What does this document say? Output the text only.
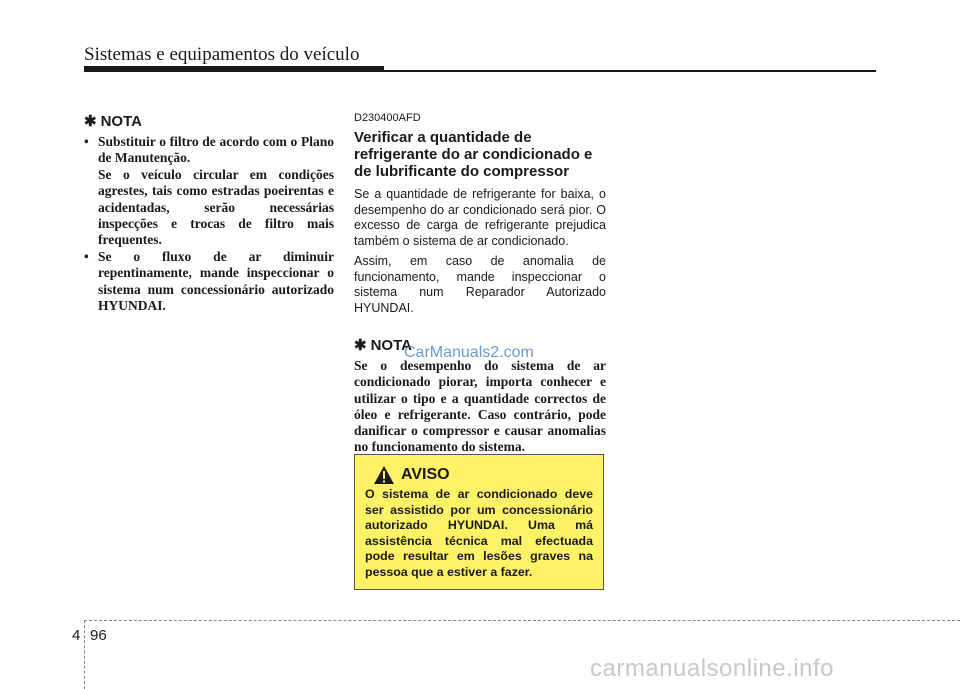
Sistemas e equipamentos do veículo
✱ NOTA

• Substituir o filtro de acordo com o Plano de Manutenção.

Se o veículo circular em condições agrestes, tais como estradas poeirentas e acidentadas, serão necessárias inspecções e trocas de filtro mais frequentes.

• Se o fluxo de ar diminuir repentinamente, mande inspeccionar o sistema num concessionário autorizado HYUNDAI.

D230400AFD
Verificar a quantidade de refrigerante do ar condicionado e de lubrificante do compressor

Se a quantidade de refrigerante for baixa, o desempenho do ar condicionado será pior. O excesso de carga de refrigerante prejudica também o sistema de ar condicionado.

Assim, em caso de anomalia de funcionamento, mande inspeccionar o sistema num Reparador Autorizado HYUNDAI.

✱ NOTA

Se o desempenho do sistema de ar condicionado piorar, importa conhecer e utilizar o tipo e a quantidade correctos de óleo e refrigerante. Caso contrário, pode danificar o compressor e causar anomalias no funcionamento do sistema.

CarManuals2.com
AVISO

O sistema de ar condicionado deve ser assistido por um concessionário autorizado HYUNDAI. Uma má assistência técnica mal efectuada pode resultar em lesões graves na pessoa que a estiver a fazer.

4 96
carmanualsonline.info
